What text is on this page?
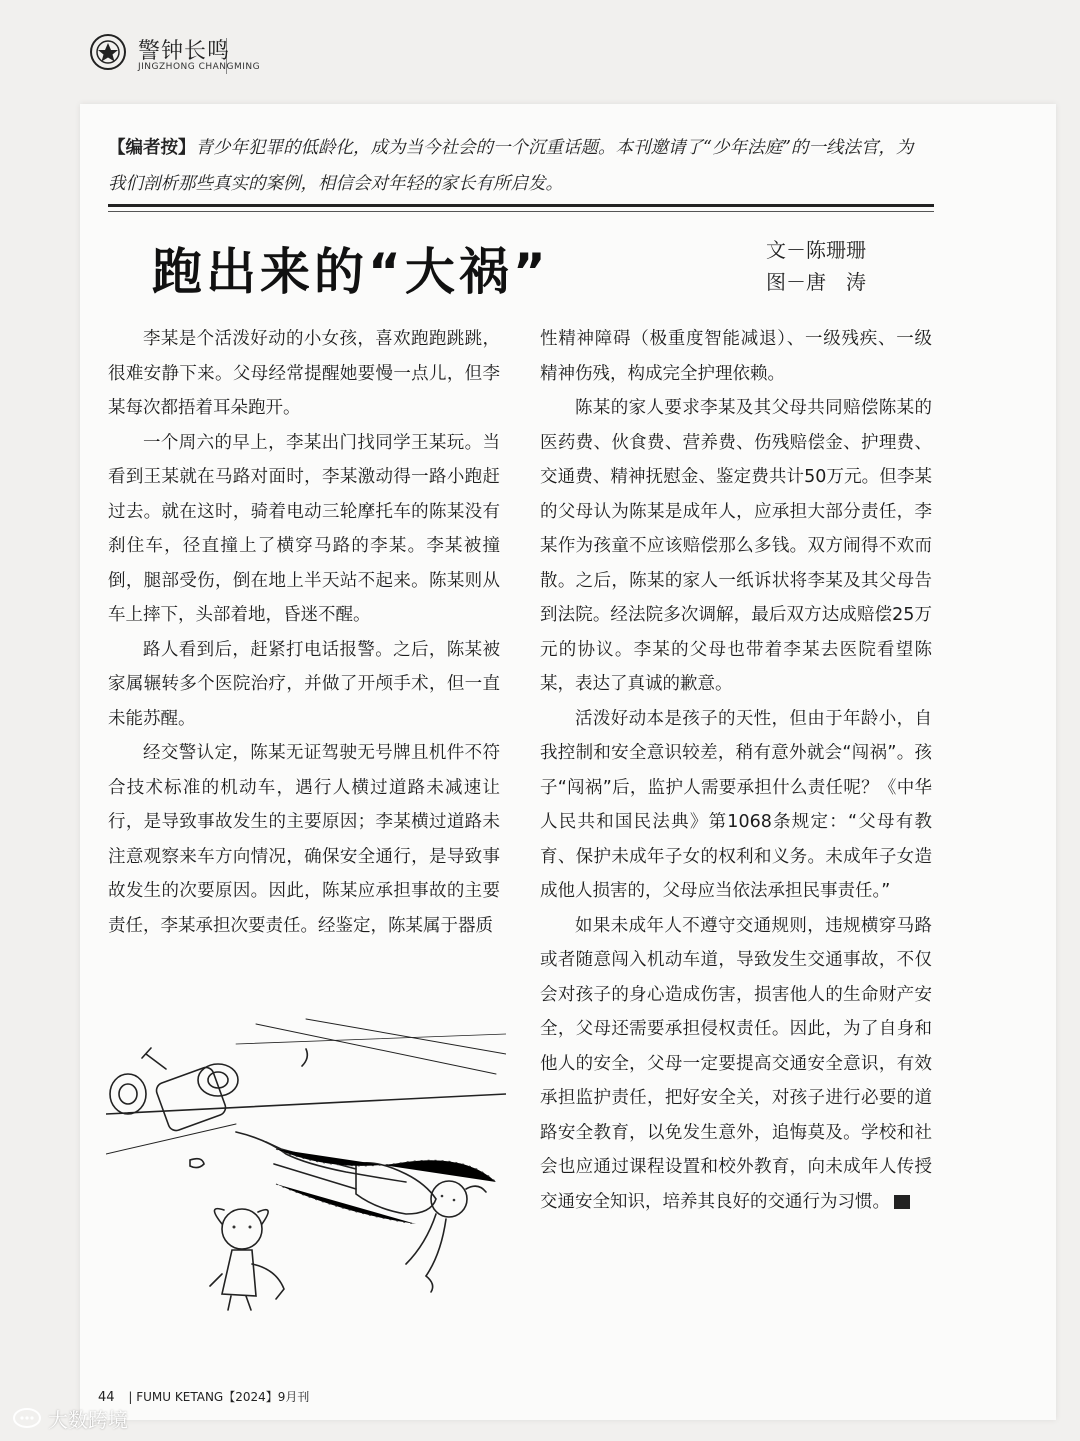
警钟长鸣
JINGZHONG CHANGMING
【编者按】青少年犯罪的低龄化，成为当今社会的一个沉重话题。本刊邀请了“少年法庭”的一线法官，为我们剖析那些真实的案例，相信会对年轻的家长有所启发。
跑出来的“大祸”	文－陈珊珊
图－唐　涛

李某是个活泼好动的小女孩，喜欢跑跑跳跳，很难安静下来。父母经常提醒她要慢一点儿，但李某每次都捂着耳朵跑开。

一个周六的早上，李某出门找同学王某玩。当看到王某就在马路对面时，李某激动得一路小跑赶过去。就在这时，骑着电动三轮摩托车的陈某没有刹住车，径直撞上了横穿马路的李某。李某被撞倒，腿部受伤，倒在地上半天站不起来。陈某则从车上摔下，头部着地，昏迷不醒。

路人看到后，赶紧打电话报警。之后，陈某被家属辗转多个医院治疗，并做了开颅手术，但一直未能苏醒。

经交警认定，陈某无证驾驶无号牌且机件不符合技术标准的机动车，遇行人横过道路未减速让行，是导致事故发生的主要原因；李某横过道路未注意观察来车方向情况，确保安全通行，是导致事故发生的次要原因。因此，陈某应承担事故的主要责任，李某承担次要责任。经鉴定，陈某属于器质

性精神障碍（极重度智能减退）、一级残疾、一级精神伤残，构成完全护理依赖。

陈某的家人要求李某及其父母共同赔偿陈某的医药费、伙食费、营养费、伤残赔偿金、护理费、交通费、精神抚慰金、鉴定费共计50万元。但李某的父母认为陈某是成年人，应承担大部分责任，李某作为孩童不应该赔偿那么多钱。双方闹得不欢而散。之后，陈某的家人一纸诉状将李某及其父母告到法院。经法院多次调解，最后双方达成赔偿25万元的协议。李某的父母也带着李某去医院看望陈某，表达了真诚的歉意。

活泼好动本是孩子的天性，但由于年龄小，自我控制和安全意识较差，稍有意外就会“闯祸”。孩子“闯祸”后，监护人需要承担什么责任呢？《中华人民共和国民法典》第1068条规定：“父母有教育、保护未成年子女的权利和义务。未成年子女造成他人损害的，父母应当依法承担民事责任。”

如果未成年人不遵守交通规则，违规横穿马路或者随意闯入机动车道，导致发生交通事故，不仅会对孩子的身心造成伤害，损害他人的生命财产安全，父母还需要承担侵权责任。因此，为了自身和他人的安全，父母一定要提高交通安全意识，有效承担监护责任，把好安全关，对孩子进行必要的道路安全教育，以免发生意外，追悔莫及。学校和社会也应通过课程设置和校外教育，向未成年人传授交通安全知识，培养其良好的交通行为习惯。

44 | FUMU KETANG【2024】9月刊
大数跨境
